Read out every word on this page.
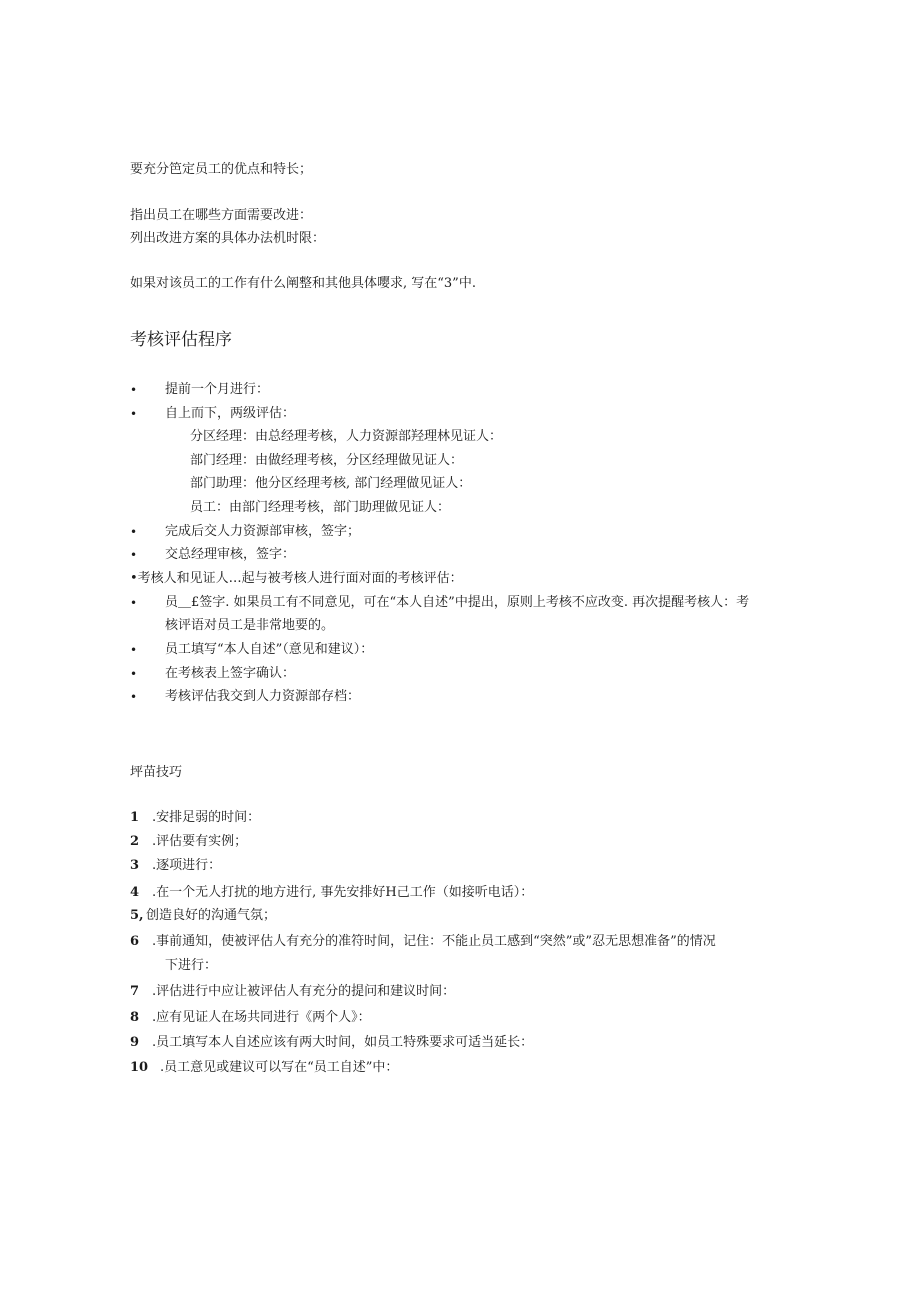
要充分笆定员工的优点和特长；
指出员工在哪些方面需要改进：
列出改进方案的具体办法机时限：
如果对该员工的工作有什么阐整和其他具体嘤求, 写在“3”中.
考核评估程序
• 提前一个月进行：
• 自上而下，两级评估：
分区经理：由总经理考核，人力资源部羟理林见证人：
部门经理：由做经理考核，分区经理做见证人：
部门助理：他分区经理考核, 部门经理做见证人：
员工：由部门经理考核，部门助理做见证人：
• 完成后交人力资源部审核，签字；
• 交总经理审核，签字：
•考核人和见证人…起与被考核人进行面对面的考核评估：
• 员＿£签字. 如果员工有不同意见，可在“本人自述”中提出，原则上考核不应改变. 再次提醒考核人：考
核评语对员工是非常地要的。
• 员工填写“本人自述”（意见和建议）：
• 在考核表上签字确认：
• 考核评估我交到人力资源部存档：
坪苗技巧
1 .安排足弱的时间：
2 .评估要有实例；
3 .逐项进行：
4 .在一个无人打扰的地方进行, 事先安排好H己工作（如接听电话）：
5, 创造良好的沟通气氛；
6 .事前通知，使被评估人有充分的准符时间，记住：不能止员工感到“突然”或”忍无思想准备”的情况
下进行：
7 .评估进行中应让被评估人有充分的提问和建议时间：
8 .应有见证人在场共同进行《两个人》：
9 .员工填写本人自述应该有两大时间，如员工特殊要求可适当延长：
10 .员工意见或建议可以写在“员工自述”中：
